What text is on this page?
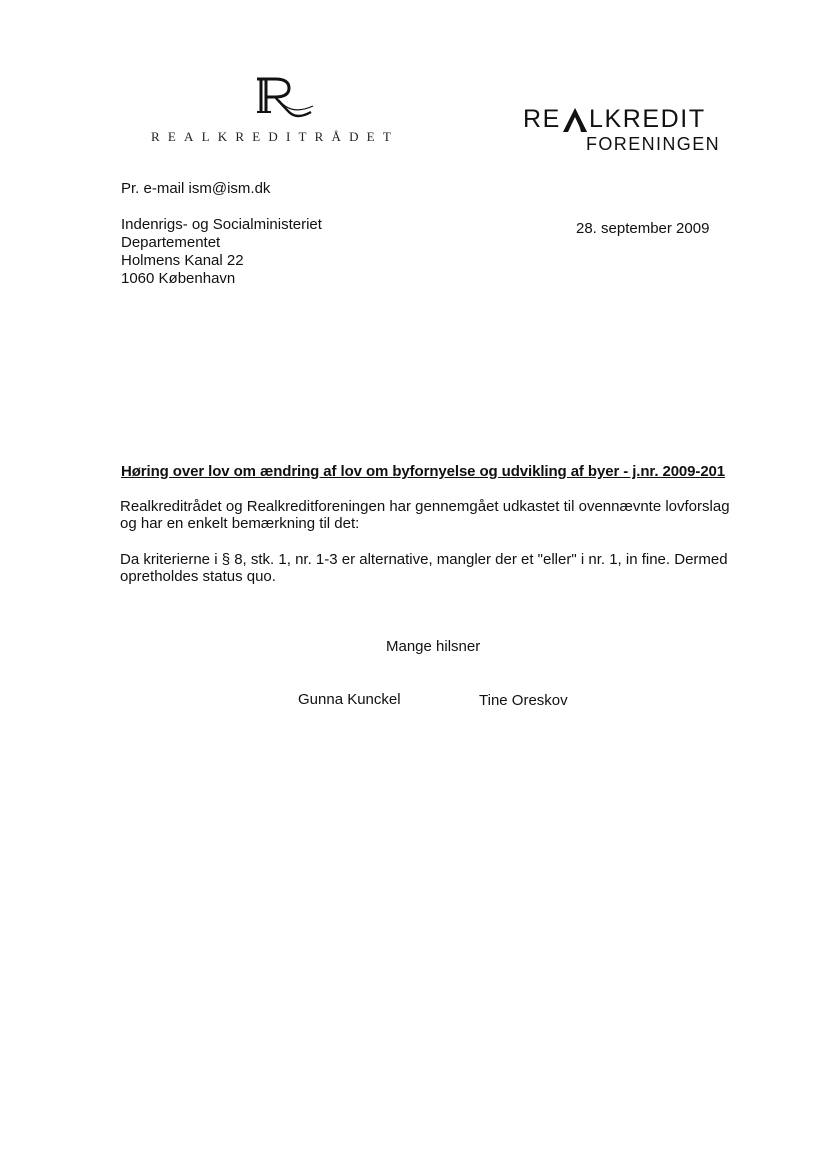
REALKREDITRÅDET
RE LKREDIT
FORENINGEN
Pr. e-mail ism@ism.dk
Indenrigs- og Socialministeriet
Departementet
Holmens Kanal 22
1060 København
28. september 2009
Høring over lov om ændring af lov om byfornyelse og udvikling af byer - j.nr. 2009-201
Realkreditrådet og Realkreditforeningen har gennemgået udkastet til ovennævnte lovforslag
og har en enkelt bemærkning til det:
Da kriterierne i § 8, stk. 1, nr. 1-3 er alternative, mangler der et "eller" i nr. 1, in fine. Dermed
opretholdes status quo.
Mange hilsner
Gunna Kunckel	Tine Oreskov
